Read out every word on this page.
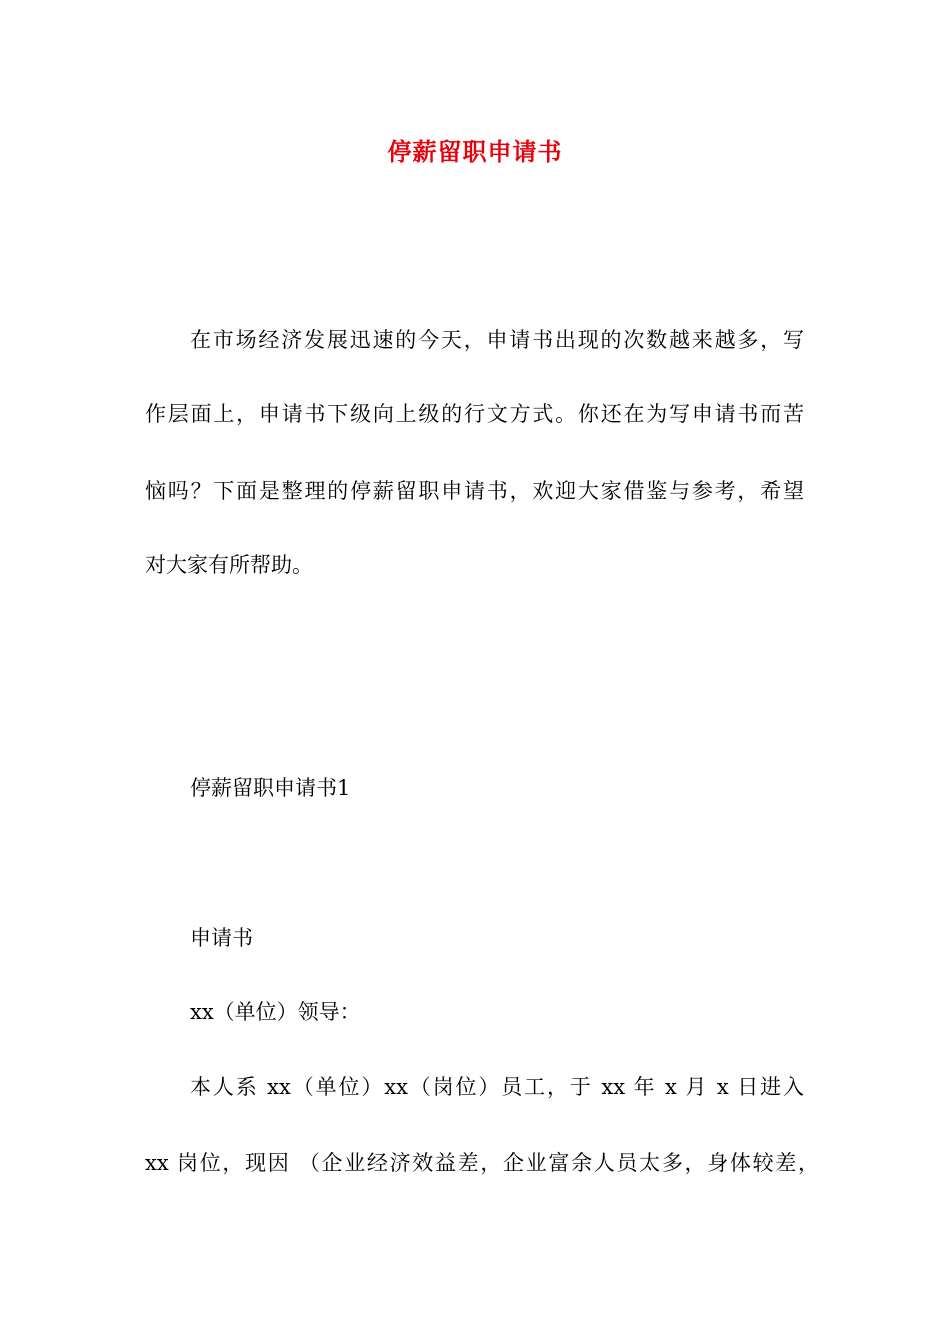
停薪留职申请书
在市场经济发展迅速的今天，申请书出现的次数越来越多，写
作层面上，申请书下级向上级的行文方式。你还在为写申请书而苦
恼吗？下面是整理的停薪留职申请书，欢迎大家借鉴与参考，希望
对大家有所帮助。
停薪留职申请书1
申请书
xx（单位）领导：
本人系 xx（单位）xx（岗位）员工，于 xx 年 x 月 x 日进入
xx 岗位，现因 （企业经济效益差，企业富余人员太多，身体较差，
